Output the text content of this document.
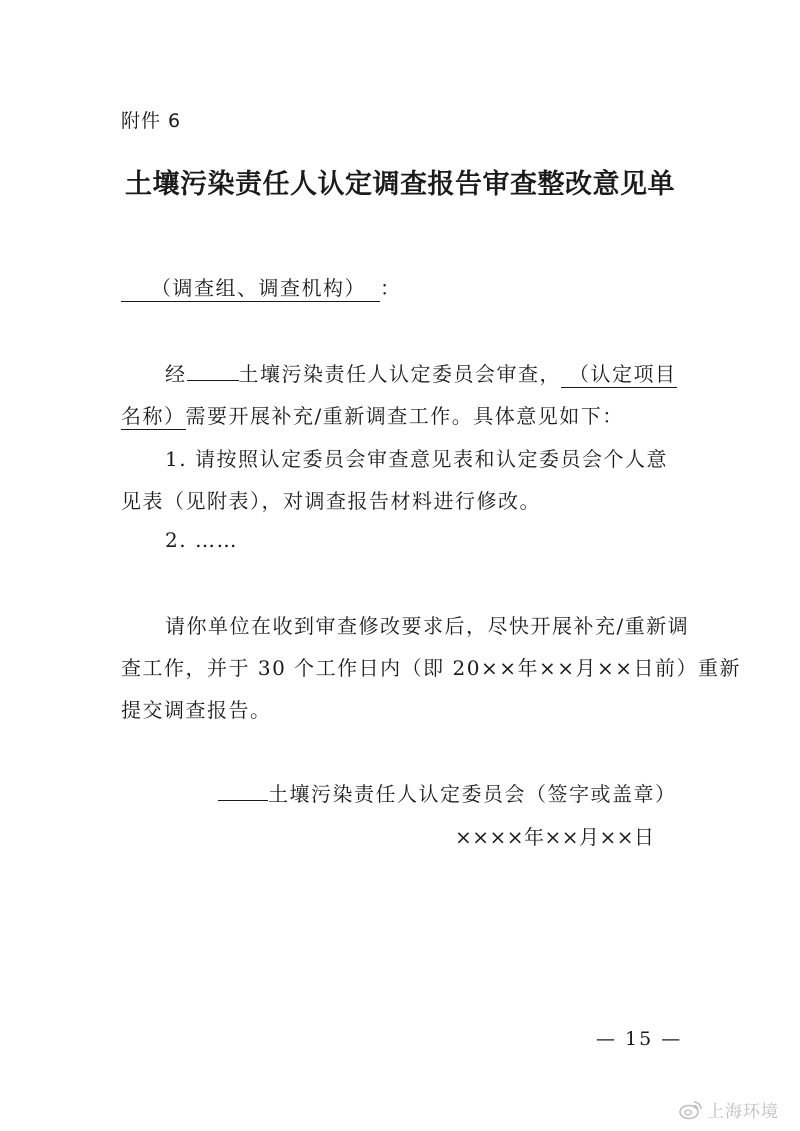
附件 6
土壤污染责任人认定调查报告审查整改意见单
（调查组、调查机构） ：
经	土壤污染责任人认定委员会审查， （认定项目
名称）需要开展补充/重新调查工作。具体意见如下：
1. 请按照认定委员会审查意见表和认定委员会个人意
见表（见附表），对调查报告材料进行修改。
2. ……
请你单位在收到审查修改要求后，尽快开展补充/重新调
查工作，并于 30 个工作日内（即 20××年××月××日前）重新
提交调查报告。
土壤污染责任人认定委员会（签字或盖章）
××××年××月××日
— 15 —
上海环境
